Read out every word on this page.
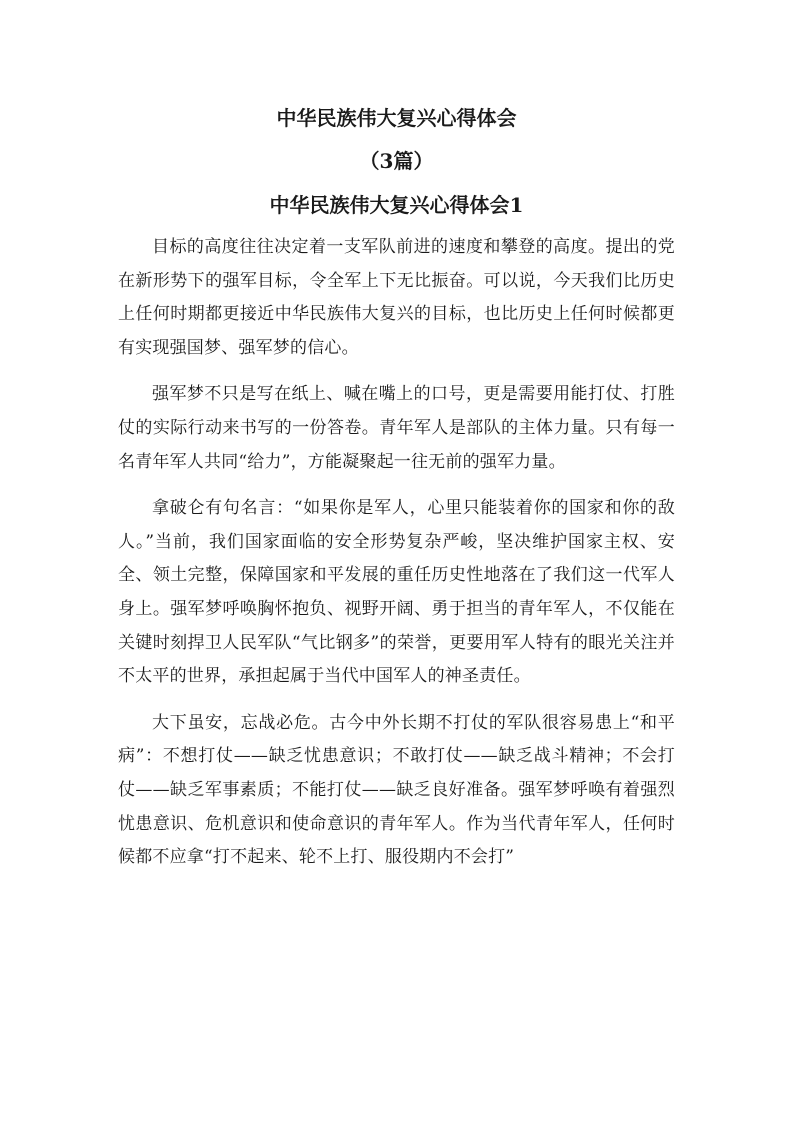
中华民族伟大复兴心得体会
（3篇）
中华民族伟大复兴心得体会1

目标的高度往往决定着一支军队前进的速度和攀登的高度。提出的党在新形势下的强军目标，令全军上下无比振奋。可以说，今天我们比历史上任何时期都更接近中华民族伟大复兴的目标，也比历史上任何时候都更有实现强国梦、强军梦的信心。

强军梦不只是写在纸上、喊在嘴上的口号，更是需要用能打仗、打胜仗的实际行动来书写的一份答卷。青年军人是部队的主体力量。只有每一名青年军人共同“给力”，方能凝聚起一往无前的强军力量。

拿破仑有句名言：“如果你是军人，心里只能装着你的国家和你的敌人。”当前，我们国家面临的安全形势复杂严峻，坚决维护国家主权、安全、领土完整，保障国家和平发展的重任历史性地落在了我们这一代军人身上。强军梦呼唤胸怀抱负、视野开阔、勇于担当的青年军人，不仅能在关键时刻捍卫人民军队“气比钢多”的荣誉，更要用军人特有的眼光关注并不太平的世界，承担起属于当代中国军人的神圣责任。

大下虽安，忘战必危。古今中外长期不打仗的军队很容易患上“和平病”：不想打仗——缺乏忧患意识；不敢打仗——缺乏战斗精神；不会打仗——缺乏军事素质；不能打仗——缺乏良好准备。强军梦呼唤有着强烈忧患意识、危机意识和使命意识的青年军人。作为当代青年军人，任何时候都不应拿“打不起来、轮不上打、服役期内不会打”
